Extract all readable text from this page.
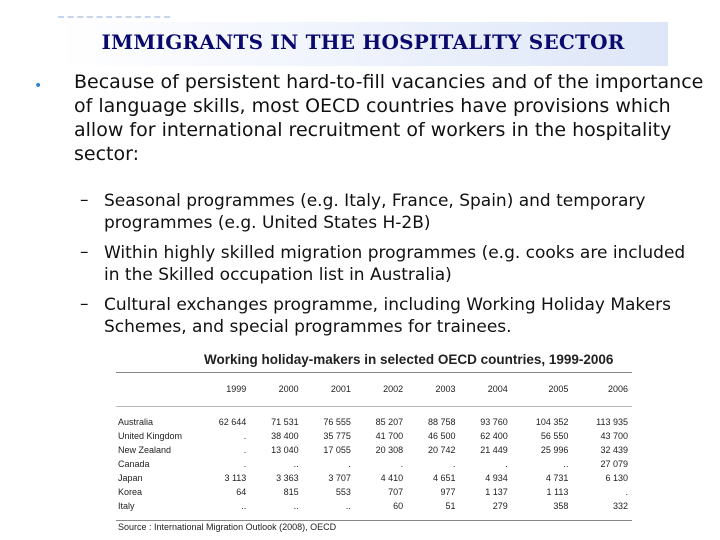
IMMIGRANTS IN THE HOSPITALITY SECTOR
•	Because of persistent hard-to-fill vacancies and of the importance of language skills, most OECD countries have provisions which allow for international recruitment of workers in the hospitality sector:
– Seasonal programmes (e.g. Italy, France, Spain) and temporary programmes (e.g. United States H-2B)
– Within highly skilled migration programmes (e.g. cooks are included in the Skilled occupation list in Australia)
– Cultural exchanges programme, including Working Holiday Makers Schemes, and special programmes for trainees.
Working holiday-makers in selected OECD countries, 1999-2006
	1999	2000	2001	2002	2003	2004	2005	2006
Australia	62 644	71 531	76 555	85 207	88 758	93 760	104 352	113 935
United Kingdom	.	38 400	35 775	41 700	46 500	62 400	56 550	43 700
New Zealand	.	13 040	17 055	20 308	20 742	21 449	25 996	32 439
Canada	.	..	.	.	.	.	..	27 079
Japan	3 113	3 363	3 707	4 410	4 651	4 934	4 731	6 130
Korea	64	815	553	707	977	1 137	1 113	.
Italy	..	..	..	60	51	279	358	332
Source : International Migration Outlook (2008), OECD
